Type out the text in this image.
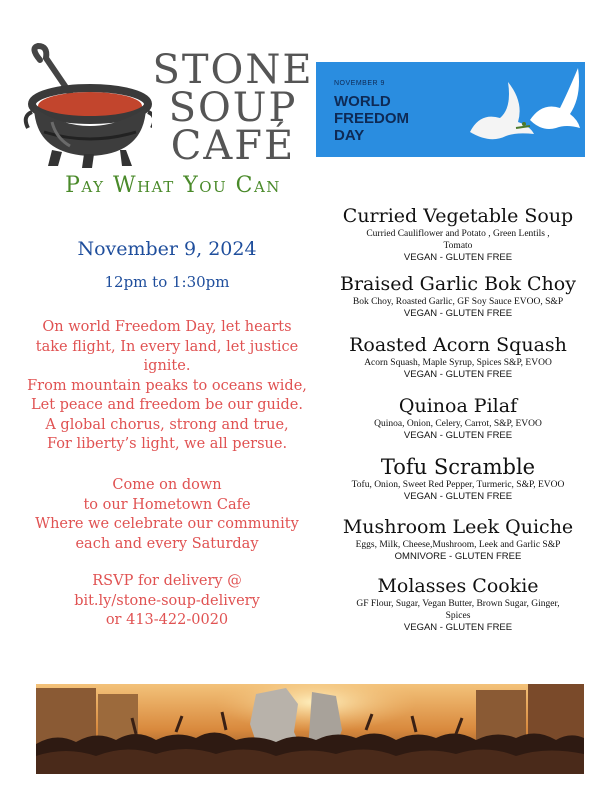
STONE
SOUP
CAFÉ
Pay What You Can
NOVEMBER 9
WORLD
FREEDOM
DAY
November 9, 2024
12pm to 1:30pm
On world Freedom Day, let hearts
take flight, In every land, let justice
ignite.
From mountain peaks to oceans wide,
Let peace and freedom be our guide.
A global chorus, strong and true,
For liberty’s light, we all persue.
Come on down
to our Hometown Cafe
Where we celebrate our community
each and every Saturday
RSVP for delivery @
bit.ly/stone-soup-delivery
or 413-422-0020
Curried Vegetable Soup
Curried Cauliflower and Potato , Green Lentils ,
Tomato
VEGAN - GLUTEN FREE
Braised Garlic Bok Choy
Bok Choy, Roasted Garlic, GF Soy Sauce EVOO, S&P
VEGAN - GLUTEN FREE
Roasted Acorn Squash
Acorn Squash, Maple Syrup, Spices S&P, EVOO
VEGAN - GLUTEN FREE
Quinoa Pilaf
Quinoa, Onion, Celery, Carrot, S&P, EVOO
VEGAN - GLUTEN FREE
Tofu Scramble
Tofu, Onion, Sweet Red Pepper, Turmeric, S&P, EVOO
VEGAN - GLUTEN FREE
Mushroom Leek Quiche
Eggs, Milk, Cheese,Mushroom, Leek and Garlic S&P
OMNIVORE - GLUTEN FREE
Molasses Cookie
GF Flour, Sugar, Vegan Butter, Brown Sugar, Ginger,
Spices
VEGAN - GLUTEN FREE
